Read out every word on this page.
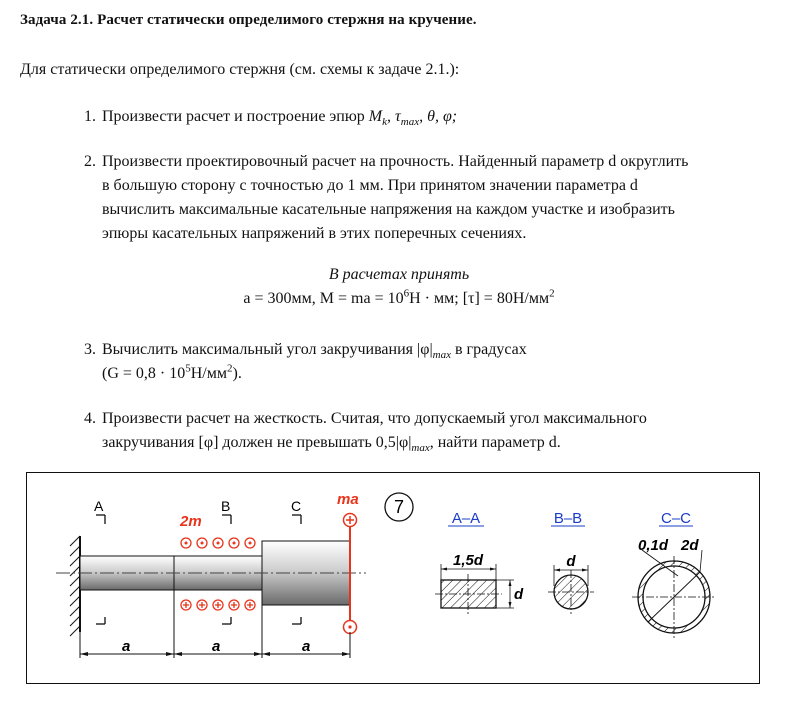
Задача 2.1. Расчет статически определимого стержня на кручение.
Для статически определимого стержня (см. схемы к задаче 2.1.):
1. Произвести расчет и построение эпюр $M_k$, $\tau_{max}$, θ, φ;
2. Произвести проектировочный расчет на прочность. Найденный параметр d округлить
в большую сторону с точностью до 1 мм. При принятом значении параметра d
вычислить максимальные касательные напряжения на каждом участке и изобразить
эпюры касательных напряжений в этих поперечных сечениях.
В расчетах принять
a = 300мм, M = ma = $10^6Н$ · мм; $[\tau] = 80Н/мм^2$
3. Вычислить максимальный угол закручивания $|\varphi|_{max}$ в градусах
$(G = 0,8 \cdot 10^5Н/мм^2)$.
4. Произвести расчет на жесткость. Считая, что допускаемый угол максимального
закручивания [φ] должен не превышать $0,5|\varphi|_{max}$, найти параметр d.
ma
2m
A	B	C
a	a	a
7
A–A	B–B	C–C
1,5d
d
d
0,1d 2d
